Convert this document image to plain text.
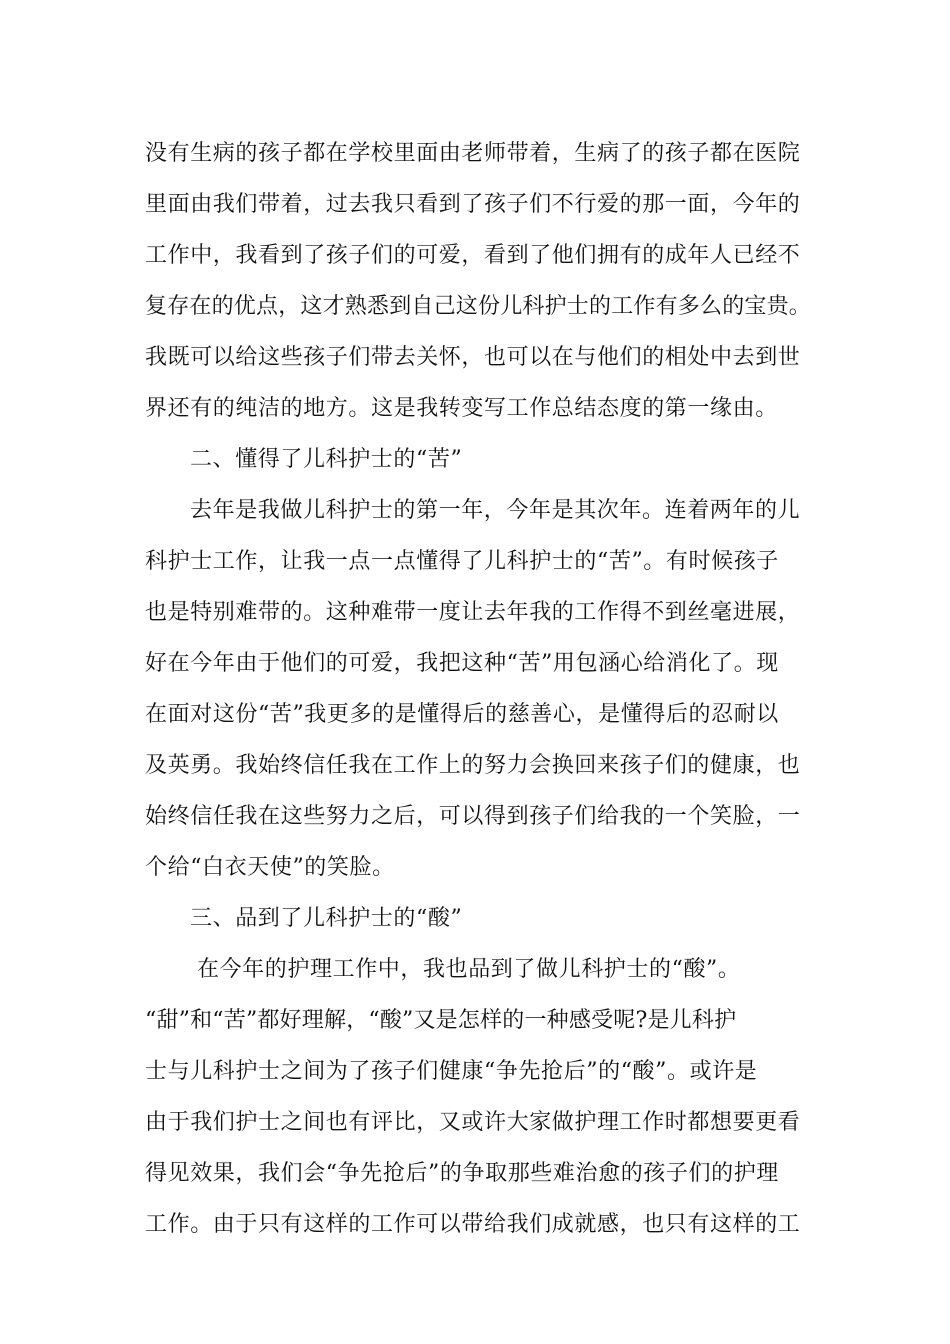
没有生病的孩子都在学校里面由老师带着，生病了的孩子都在医院
里面由我们带着，过去我只看到了孩子们不行爱的那一面，今年的
工作中，我看到了孩子们的可爱，看到了他们拥有的成年人已经不
复存在的优点，这才熟悉到自己这份儿科护士的工作有多么的宝贵。
我既可以给这些孩子们带去关怀，也可以在与他们的相处中去到世
界还有的纯洁的地方。这是我转变写工作总结态度的第一缘由。
二、懂得了儿科护士的“苦”
去年是我做儿科护士的第一年，今年是其次年。连着两年的儿
科护士工作，让我一点一点懂得了儿科护士的“苦”。有时候孩子
也是特别难带的。这种难带一度让去年我的工作得不到丝毫进展，
好在今年由于他们的可爱，我把这种“苦”用包涵心给消化了。现
在面对这份“苦”我更多的是懂得后的慈善心，是懂得后的忍耐以
及英勇。我始终信任我在工作上的努力会换回来孩子们的健康，也
始终信任我在这些努力之后，可以得到孩子们给我的一个笑脸，一
个给“白衣天使”的笑脸。
三、品到了儿科护士的“酸”
在今年的护理工作中，我也品到了做儿科护士的“酸”。
“甜”和“苦”都好理解，“酸”又是怎样的一种感受呢?是儿科护
士与儿科护士之间为了孩子们健康“争先抢后”的“酸”。或许是
由于我们护士之间也有评比，又或许大家做护理工作时都想要更看
得见效果，我们会“争先抢后”的争取那些难治愈的孩子们的护理
工作。由于只有这样的工作可以带给我们成就感，也只有这样的工
